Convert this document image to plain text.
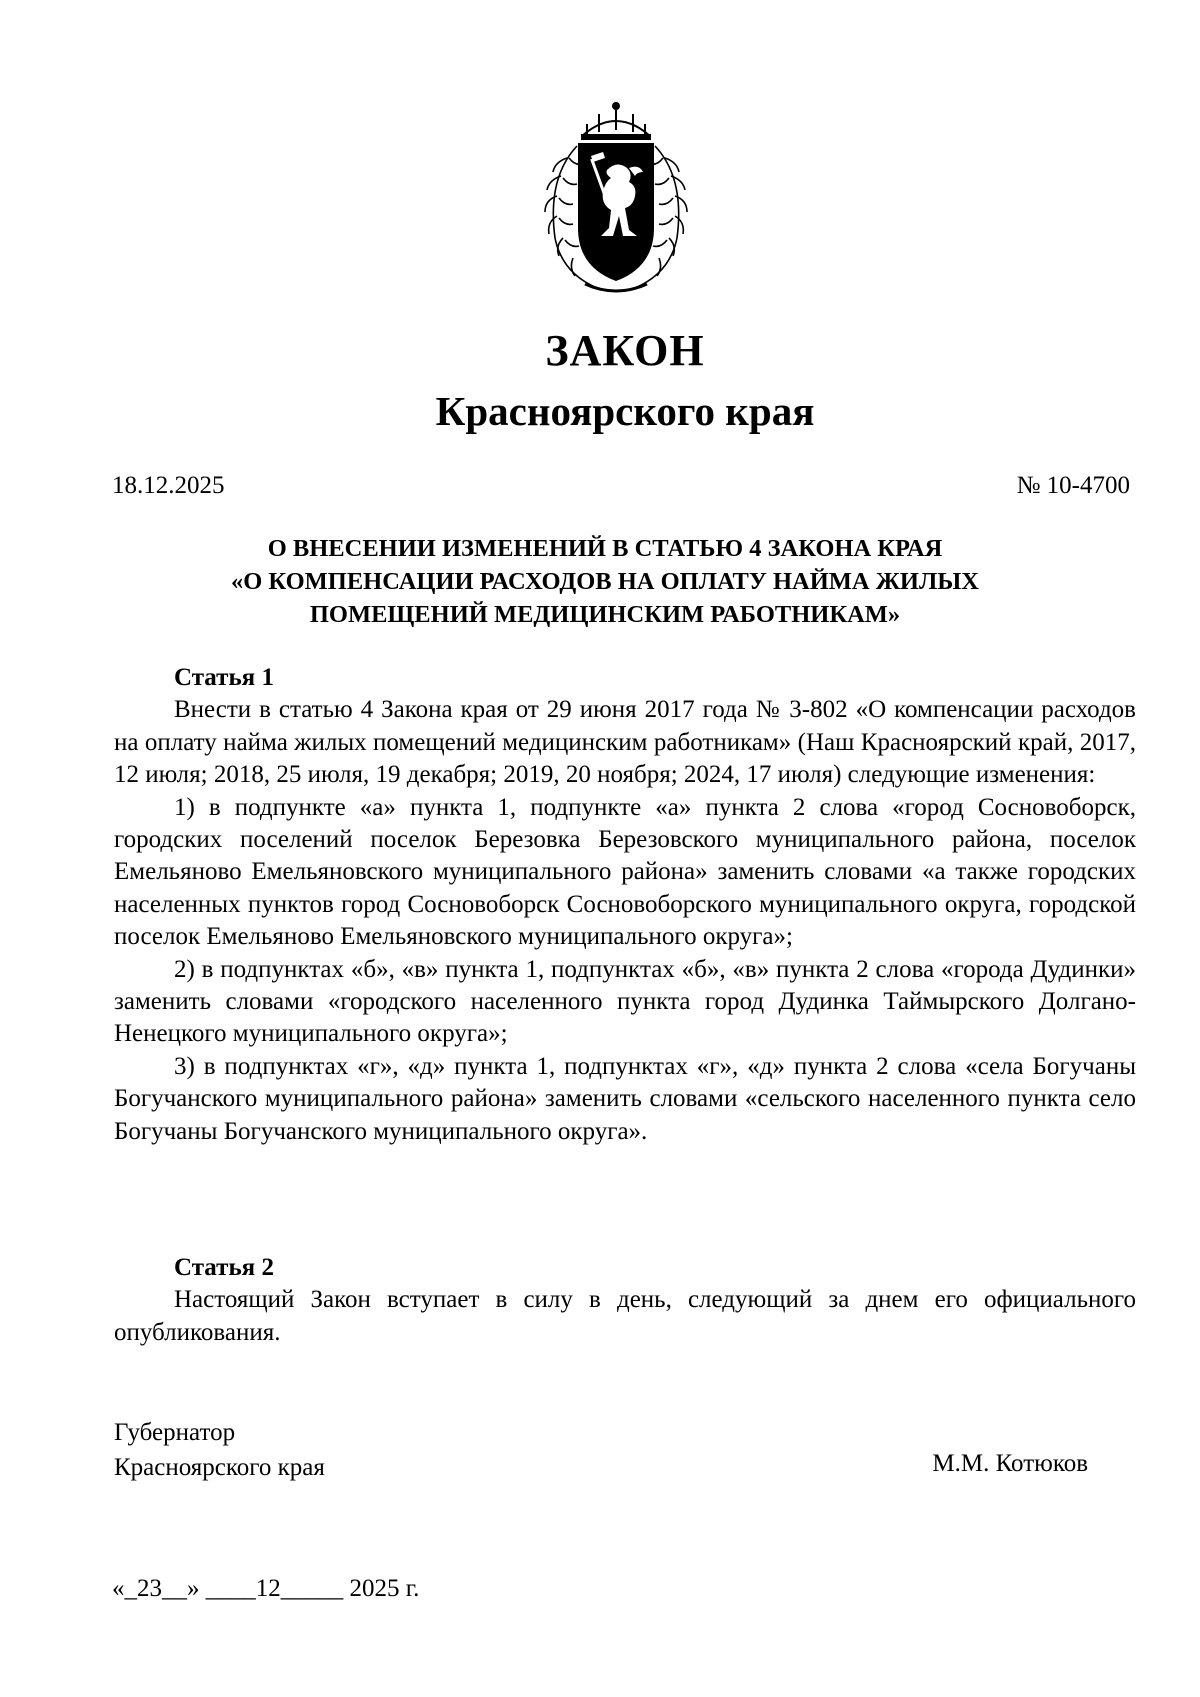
ЗАКОН
Красноярского края
18.12.2025	№ 10-4700
О ВНЕСЕНИИ ИЗМЕНЕНИЙ В СТАТЬЮ 4 ЗАКОНА КРАЯ
«О КОМПЕНСАЦИИ РАСХОДОВ НА ОПЛАТУ НАЙМА ЖИЛЫХ
ПОМЕЩЕНИЙ МЕДИЦИНСКИМ РАБОТНИКАМ»

Статья 1

Внести в статью 4 Закона края от 29 июня 2017 года № 3-802 «О компенсации расходов на оплату найма жилых помещений медицинским работникам» (Наш Красноярский край, 2017, 12 июля; 2018, 25 июля, 19 декабря; 2019, 20 ноября; 2024, 17 июля) следующие изменения:

1) в подпункте «а» пункта 1, подпункте «а» пункта 2 слова «город Сосновоборск, городских поселений поселок Березовка Березовского муниципального района, поселок Емельяново Емельяновского муниципального района» заменить словами «а также городских населенных пунктов город Сосновоборск Сосновоборского муниципального округа, городской поселок Емельяново Емельяновского муниципального округа»;

2) в подпунктах «б», «в» пункта 1, подпунктах «б», «в» пункта 2 слова «города Дудинки» заменить словами «городского населенного пункта город Дудинка Таймырского Долгано-Ненецкого муниципального округа»;

3) в подпунктах «г», «д» пункта 1, подпунктах «г», «д» пункта 2 слова «села Богучаны Богучанского муниципального района» заменить словами «сельского населенного пункта село Богучаны Богучанского муниципального округа».

Статья 2

Настоящий Закон вступает в силу в день, следующий за днем его официального опубликования.

Губернатор
Красноярского края	М.М. Котюков
«_23__» ____12_____ 2025 г.
